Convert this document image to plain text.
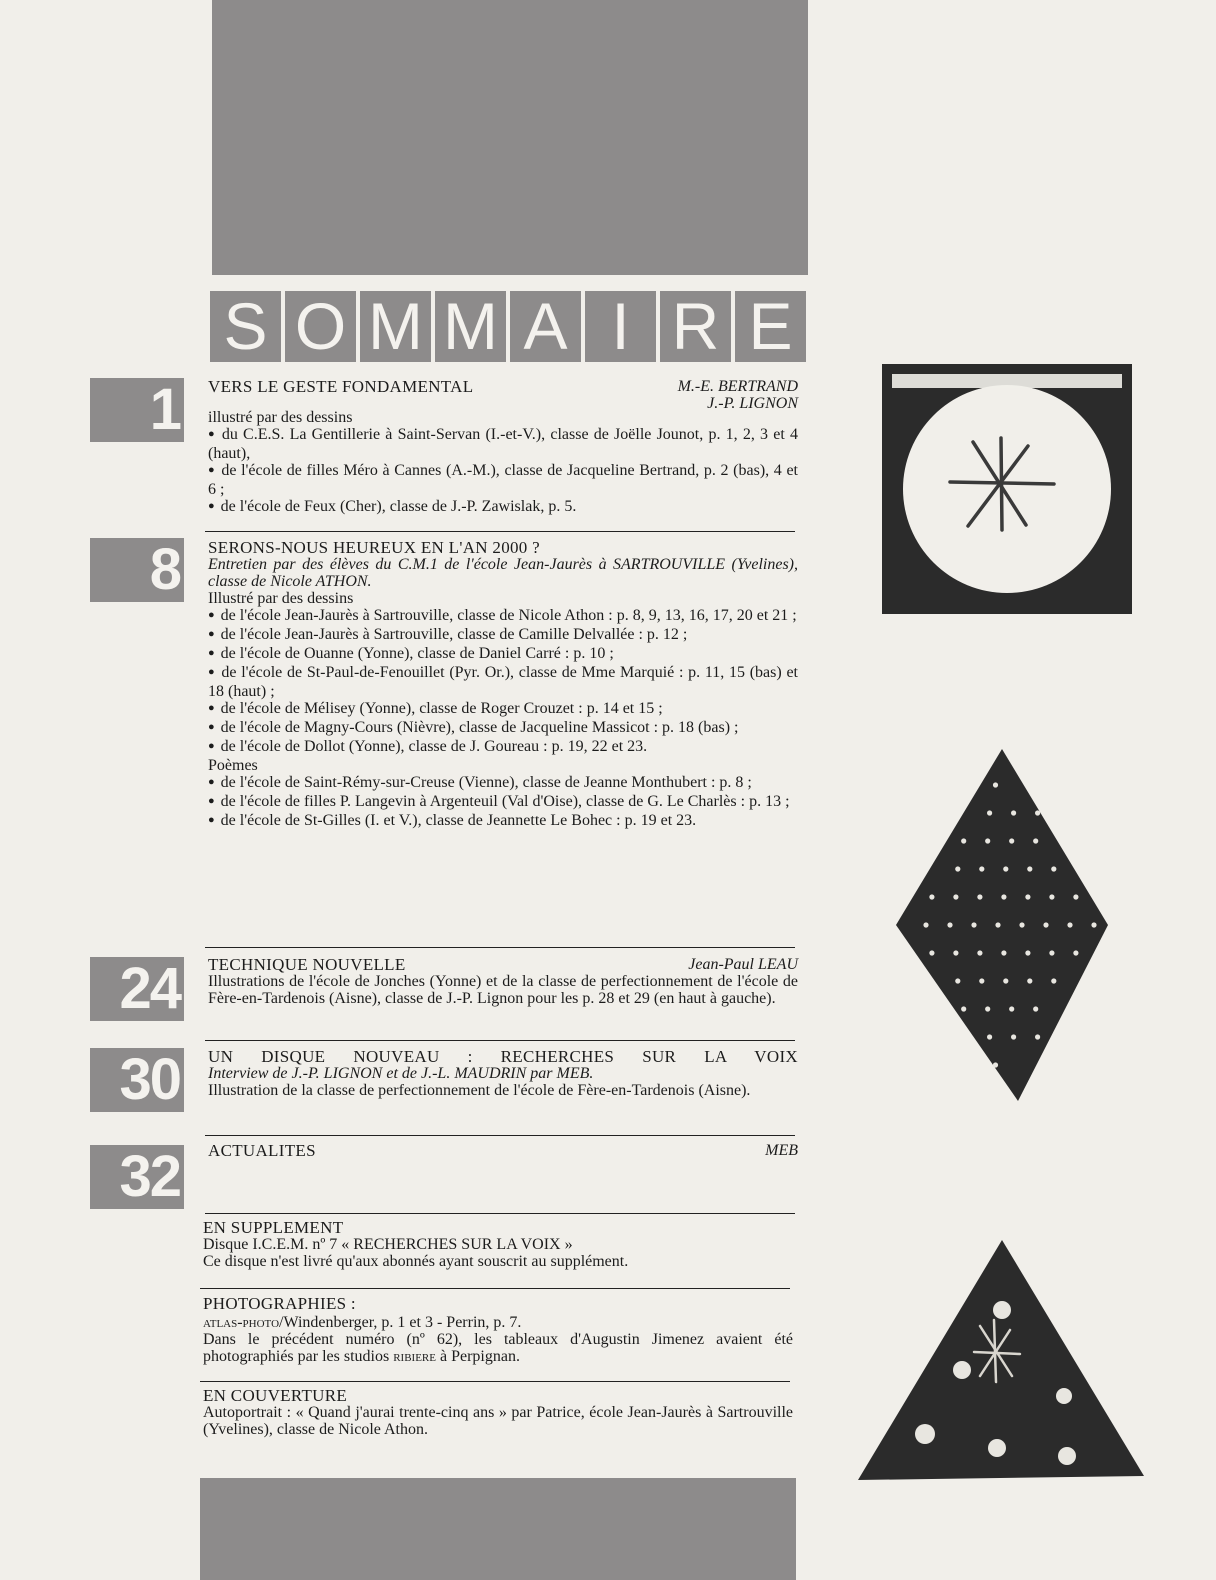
S O M M A I R E
1 VERS LE GESTE FONDAMENTAL	M.-E. BERTRAND
J.-P. LIGNON

illustré par des dessins

● du C.E.S. La Gentillerie à Saint-Servan (I.-et-V.), classe de Joëlle Jounot, p. 1, 2, 3 et 4 (haut),

● de l'école de filles Méro à Cannes (A.-M.), classe de Jacqueline Bertrand, p. 2 (bas), 4 et 6 ;

● de l'école de Feux (Cher), classe de J.-P. Zawislak, p. 5.

8 SERONS-NOUS HEUREUX EN L'AN 2000 ?

Entretien par des élèves du C.M.1 de l'école Jean-Jaurès à SARTROUVILLE (Yvelines), classe de Nicole ATHON.

Illustré par des dessins

● de l'école Jean-Jaurès à Sartrouville, classe de Nicole Athon : p. 8, 9, 13, 16, 17, 20 et 21 ;

● de l'école Jean-Jaurès à Sartrouville, classe de Camille Delvallée : p. 12 ;

● de l'école de Ouanne (Yonne), classe de Daniel Carré : p. 10 ;

● de l'école de St-Paul-de-Fenouillet (Pyr. Or.), classe de Mme Marquié : p. 11, 15 (bas) et 18 (haut) ;

● de l'école de Mélisey (Yonne), classe de Roger Crouzet : p. 14 et 15 ;

● de l'école de Magny-Cours (Nièvre), classe de Jacqueline Massicot : p. 18 (bas) ;

● de l'école de Dollot (Yonne), classe de J. Goureau : p. 19, 22 et 23.

Poèmes

● de l'école de Saint-Rémy-sur-Creuse (Vienne), classe de Jeanne Monthubert : p. 8 ;

● de l'école de filles P. Langevin à Argenteuil (Val d'Oise), classe de G. Le Charlès : p. 13 ;

● de l'école de St-Gilles (I. et V.), classe de Jeannette Le Bohec : p. 19 et 23.

24 TECHNIQUE NOUVELLE	Jean-Paul LEAU

Illustrations de l'école de Jonches (Yonne) et de la classe de perfectionnement de l'école de Fère-en-Tardenois (Aisne), classe de J.-P. Lignon pour les p. 28 et 29 (en haut à gauche).

30 UN DISQUE NOUVEAU : RECHERCHES SUR LA VOIX

Interview de J.-P. LIGNON et de J.-L. MAUDRIN par MEB.

Illustration de la classe de perfectionnement de l'école de Fère-en-Tardenois (Aisne).

32 ACTUALITES	MEB

EN SUPPLEMENT

Disque I.C.E.M. nº 7 « RECHERCHES SUR LA VOIX »

Ce disque n'est livré qu'aux abonnés ayant souscrit au supplément.

PHOTOGRAPHIES :

atlas-photo/Windenberger, p. 1 et 3 - Perrin, p. 7.

Dans le précédent numéro (nº 62), les tableaux d'Augustin Jimenez avaient été photographiés par les studios ribiere à Perpignan.

EN COUVERTURE

Autoportrait : « Quand j'aurai trente-cinq ans » par Patrice, école Jean-Jaurès à Sartrouville (Yvelines), classe de Nicole Athon.
